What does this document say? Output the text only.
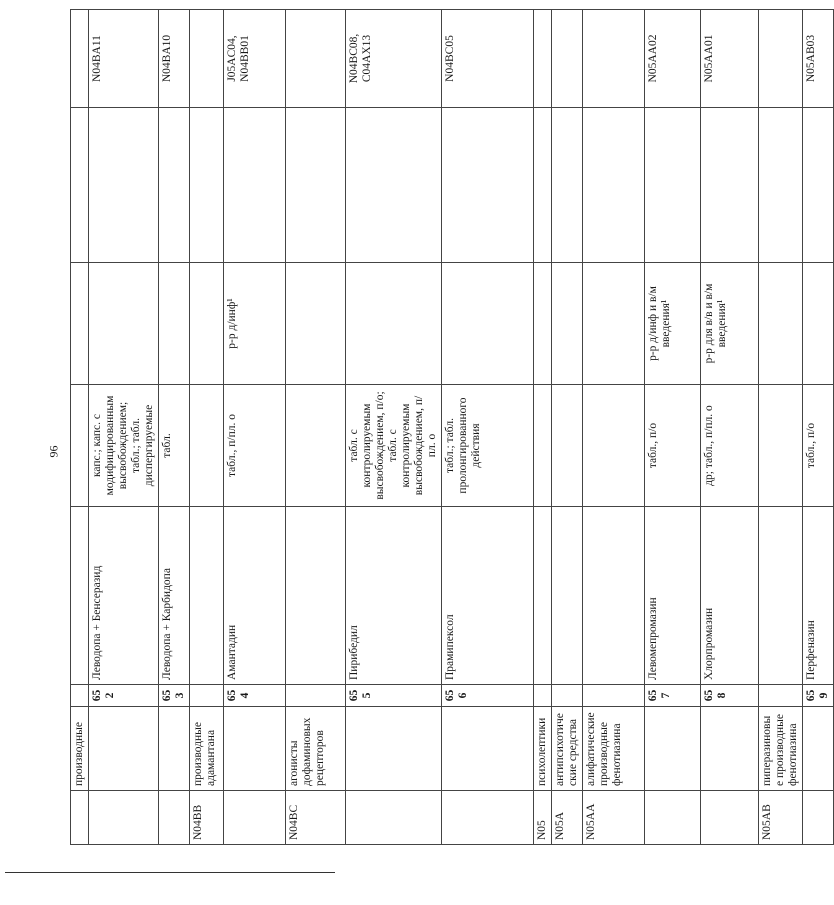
96
	производные						
		652	Леводопа + Бенсеразид	капс.; капс. с модифицированным высвобождением; табл.; табл. диспергируемые			N04BA11
		653	Леводопа + Карбидопа	табл.			N04BA10
N04BB	производные адамантана						
		654	Амантадин	табл., п/пл. о	р-р д/инф¹		J05AC04, N04BB01
N04BC	агонисты дофаминовых рецепторов						
		655	Пирибедил	табл. с контролируемым высвобождением, п/о; табл. с контролируемым высвобождением, п/пл. о			N04BC08, C04AX13
		656	Прамипексол	табл.; табл. пролонгированного действия			N04BC05
N05	психолептики						
N05A	антипсихотические средства						
N05AA	алифатические производные фенотиазина						
		657	Левомепромазин	табл., п/о	р-р д/инф и в/м введения¹		N05AA02
		658	Хлорпромазин	др; табл., п/пл. о	р-р для в/в и в/м введения¹		N05AA01
N05AB	пиперазиновые производные фенотиазина						
		659	Перфеназин	табл., п/о			N05AB03
